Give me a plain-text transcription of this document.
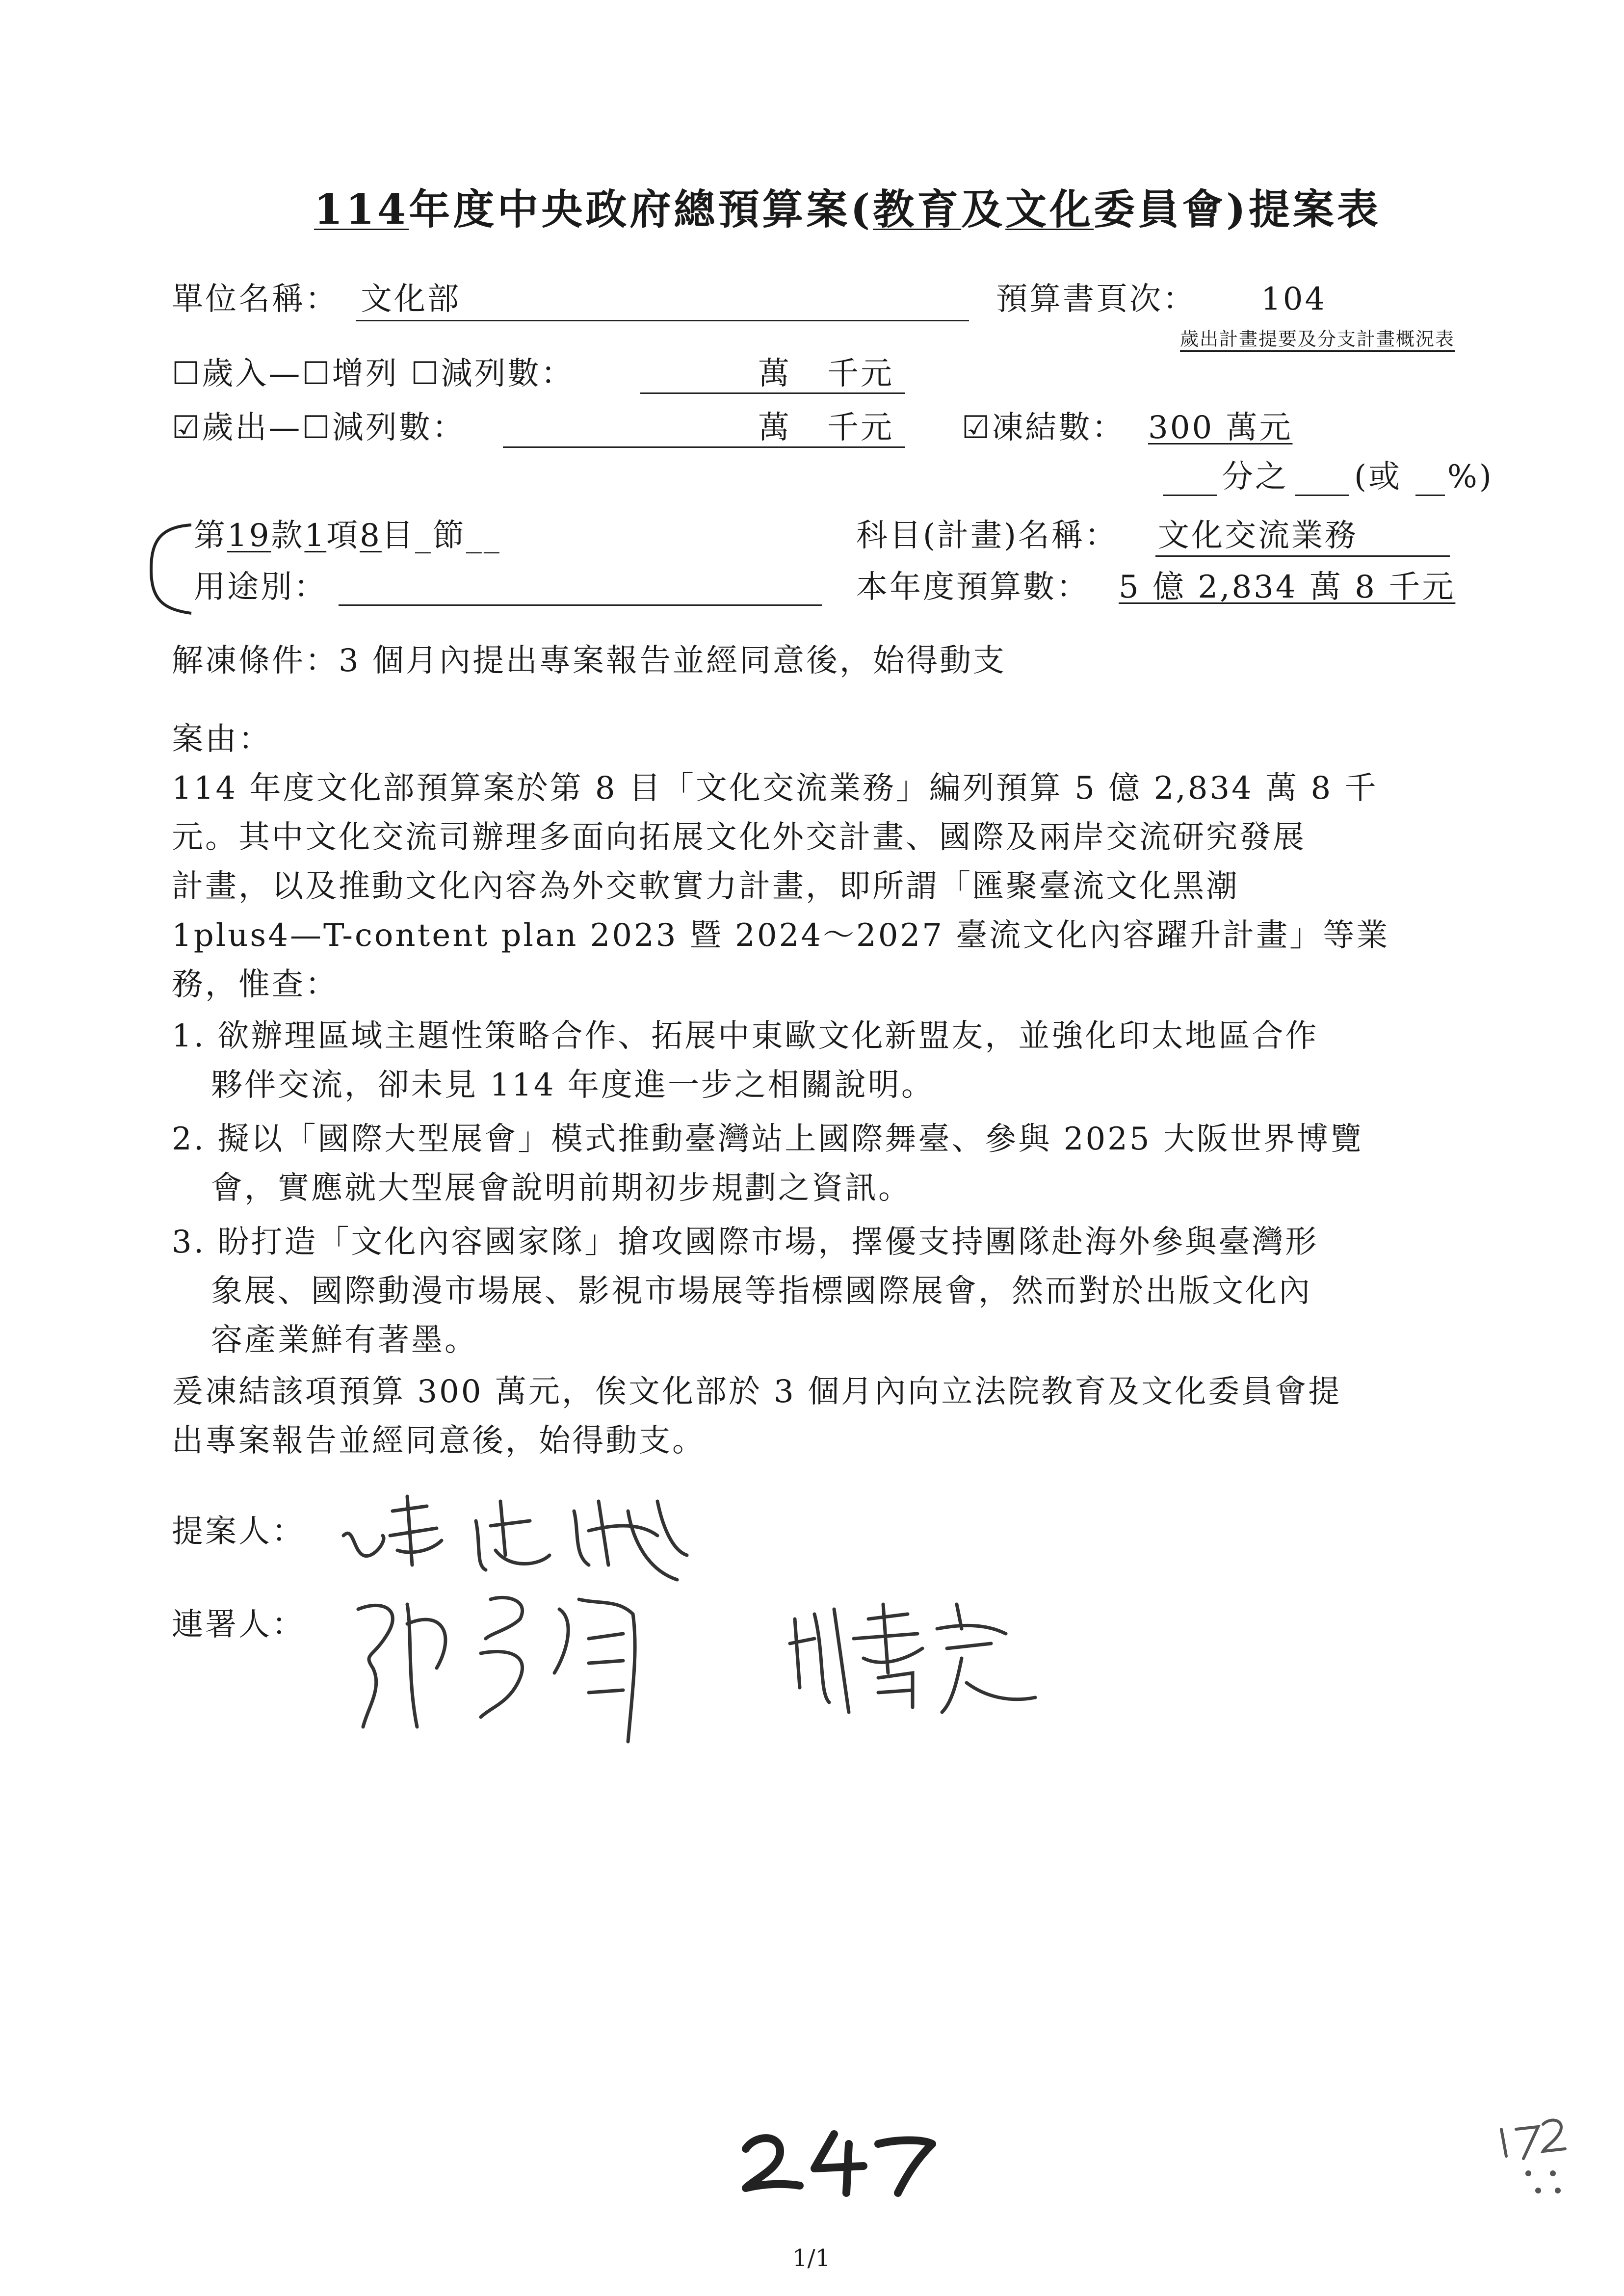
114年度中央政府總預算案(教育及文化委員會)提案表
單位名稱： 文化部	預算書頁次： 104
歲出計畫提要及分支計畫概況表
☐歲入—☐增列 ☐減列數：	萬   千元
☑歲出—☐減列數：	萬   千元 ☑凍結數： 300 萬元
分之 (或 %)
第19款1項8目_節__	科目(計畫)名稱： 文化交流業務
用途別：	本年度預算數： 5 億 2,834 萬 8 千元
解凍條件：3 個月內提出專案報告並經同意後，始得動支
案由：
114 年度文化部預算案於第 8 目「文化交流業務」編列預算 5 億 2,834 萬 8 千
元。其中文化交流司辦理多面向拓展文化外交計畫、國際及兩岸交流研究發展
計畫，以及推動文化內容為外交軟實力計畫，即所謂「匯聚臺流文化黑潮
1plus4—T-content plan 2023 暨 2024～2027 臺流文化內容躍升計畫」等業
務，惟查：
1. 欲辦理區域主題性策略合作、拓展中東歐文化新盟友，並強化印太地區合作
夥伴交流，卻未見 114 年度進一步之相關說明。
2. 擬以「國際大型展會」模式推動臺灣站上國際舞臺、參與 2025 大阪世界博覽
會，實應就大型展會說明前期初步規劃之資訊。
3. 盼打造「文化內容國家隊」搶攻國際市場，擇優支持團隊赴海外參與臺灣形
象展、國際動漫市場展、影視市場展等指標國際展會，然而對於出版文化內
容產業鮮有著墨。
爰凍結該項預算 300 萬元，俟文化部於 3 個月內向立法院教育及文化委員會提
出專案報告並經同意後，始得動支。
提案人：
連署人：
1/1
